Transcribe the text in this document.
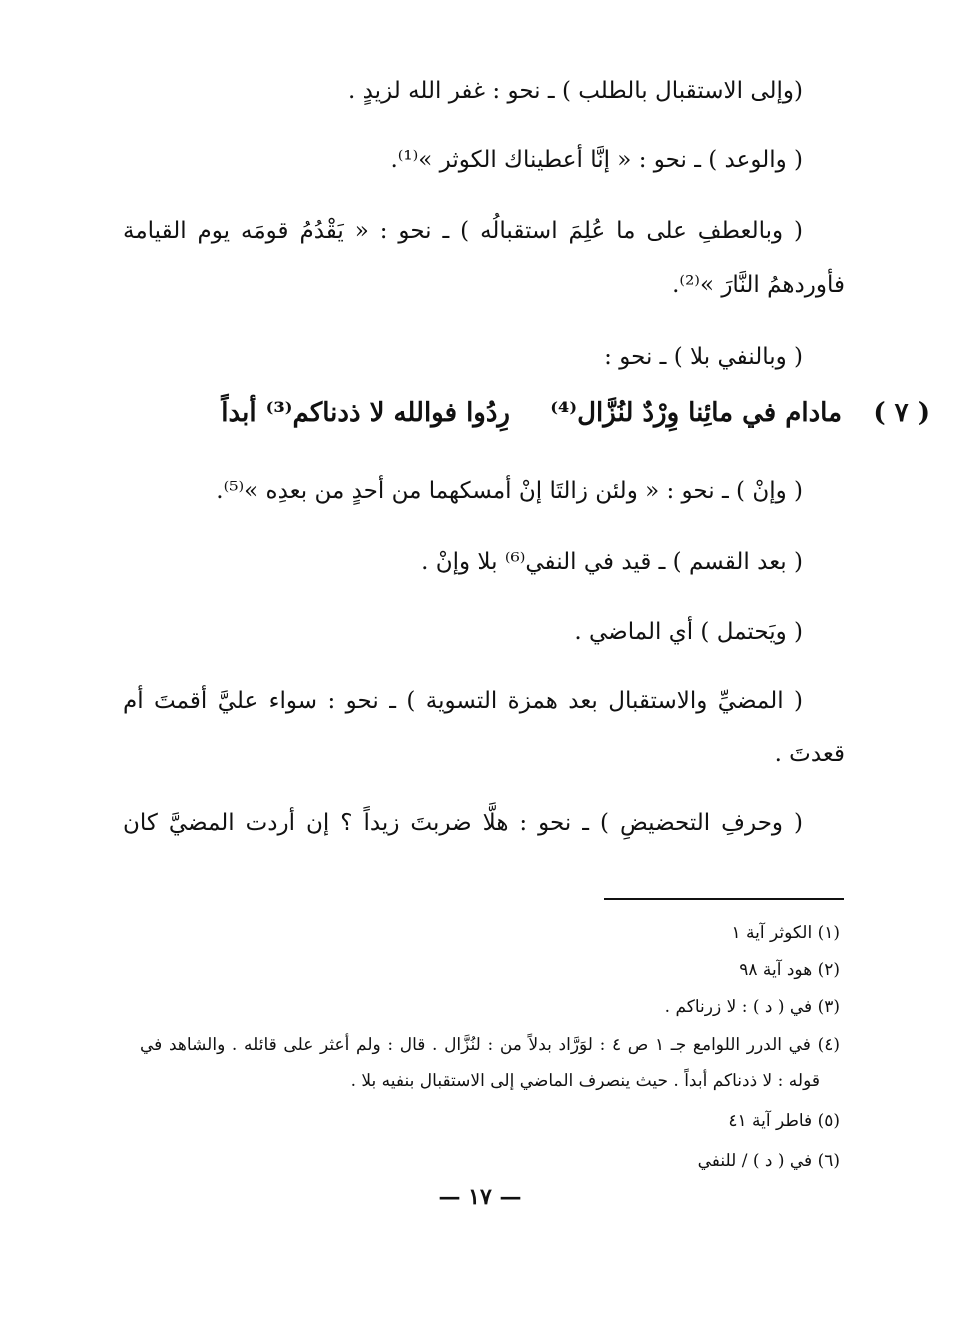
(وإلى الاستقبال بالطلب ) ـ نحو : غفر الله لزيدٍ .
( والوعد ) ـ نحو : « إنَّا أعطيناك الكوثر »⁽¹⁾.
( وبالعطفِ على ما عُلِمَ استقبالُه ) ـ نحو : « يَقْدُمُ قومَه يوم القيامة
فأوردهمُ النَّارَ »⁽²⁾.
( وبالنفي بلا ) ـ نحو :
( ٧ )
مادام في مائِنا وِرْدٌ لنُزَّال⁽⁴⁾
رِدُوا فوالله لا ذدناكم⁽³⁾ أبداً
( وإنْ ) ـ نحو : « ولئن زالتَا إنْ أمسكهما من أحدٍ من بعدِه »⁽⁵⁾.
( بعد القسم ) ـ قيد في النفي⁽⁶⁾ بلا وإنْ .
( ويَحتمل ) أي الماضي .
( المضيِّ والاستقبال بعد همزة التسوية ) ـ نحو : سواء عليَّ أقمتَ أم
قعدتَ .
( وحرفِ التحضيضِ ) ـ نحو : هلَّا ضربتَ زيداً ؟ إن أردت المضيَّ كان
(١) الكوثر آية ١
(٢) هود آية ٩٨
(٣) في ( د ) : لا زرناكم .
(٤) في الدرر اللوامع جـ ١ ص ٤ : لوَرَّاد بدلاً من : لنُزَّال . قال : ولم أعثر على قائله . والشاهد في
قوله : لا ذدناكم أبداً . حيث ينصرف الماضي إلى الاستقبال بنفيه بلا .
(٥) فاطر آية ٤١
(٦) في ( د ) / للنفي
— ١٧ —
